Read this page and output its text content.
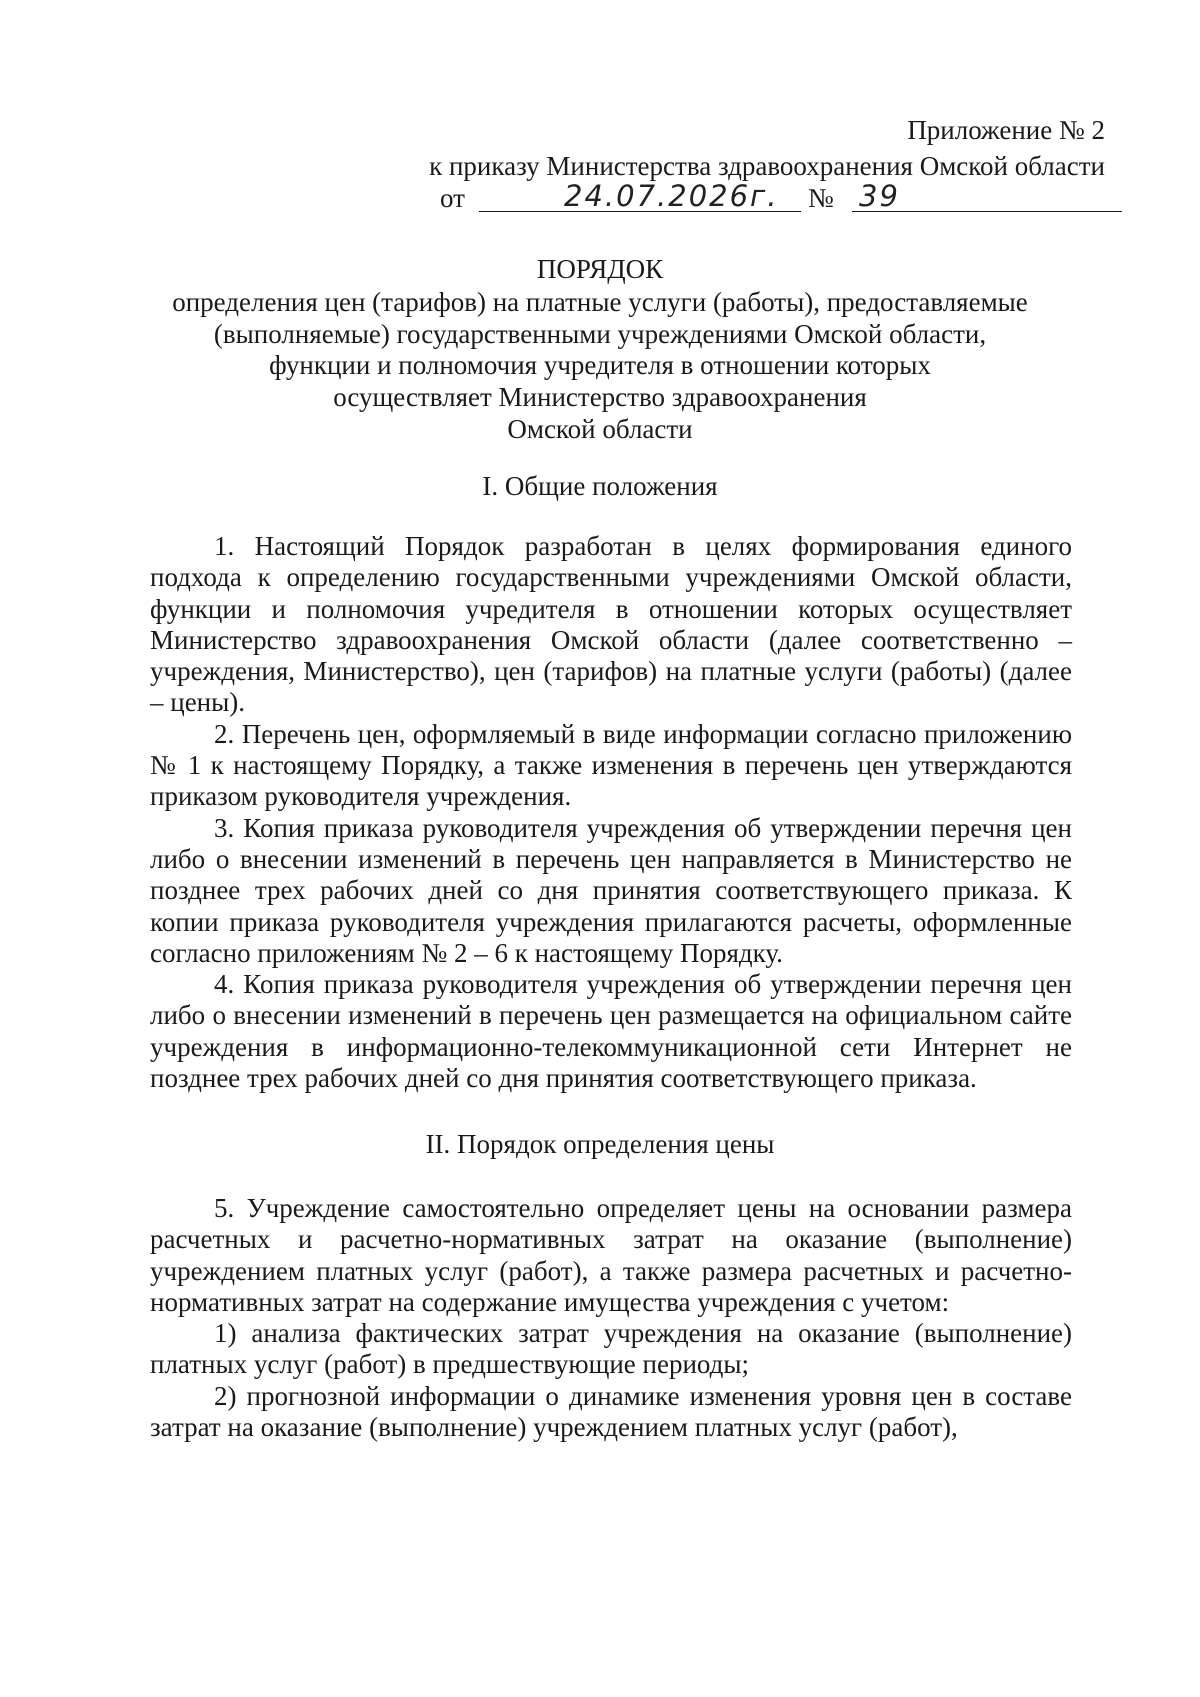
Приложение № 2
к приказу Министерства здравоохранения Омской области
от	24.07.2026г. № 39
ПОРЯДОК
определения цен (тарифов) на платные услуги (работы), предоставляемые
(выполняемые) государственными учреждениями Омской области,
функции и полномочия учредителя в отношении которых
осуществляет Министерство здравоохранения
Омской области
I. Общие положения

1. Настоящий Порядок разработан в целях формирования единого подхода к определению государственными учреждениями Омской области, функции и полномочия учредителя в отношении которых осуществляет Министерство здравоохранения Омской области (далее соответственно – учреждения, Министерство), цен (тарифов) на платные услуги (работы) (далее – цены).

2. Перечень цен, оформляемый в виде информации согласно приложению № 1 к настоящему Порядку, а также изменения в перечень цен утверждаются приказом руководителя учреждения.

3. Копия приказа руководителя учреждения об утверждении перечня цен либо о внесении изменений в перечень цен направляется в Министерство не позднее трех рабочих дней со дня принятия соответствующего приказа. К копии приказа руководителя учреждения прилагаются расчеты, оформленные согласно приложениям № 2 – 6 к настоящему Порядку.

4. Копия приказа руководителя учреждения об утверждении перечня цен либо о внесении изменений в перечень цен размещается на официальном сайте учреждения в информационно-телекоммуникационной сети Интернет не позднее трех рабочих дней со дня принятия соответствующего приказа.

II. Порядок определения цены

5. Учреждение самостоятельно определяет цены на основании размера расчетных и расчетно-нормативных затрат на оказание (выполнение) учреждением платных услуг (работ), а также размера расчетных и расчетно-нормативных затрат на содержание имущества учреждения с учетом:

1) анализа фактических затрат учреждения на оказание (выполнение) платных услуг (работ) в предшествующие периоды;

2) прогнозной информации о динамике изменения уровня цен в составе затрат на оказание (выполнение) учреждением платных услуг (работ),
